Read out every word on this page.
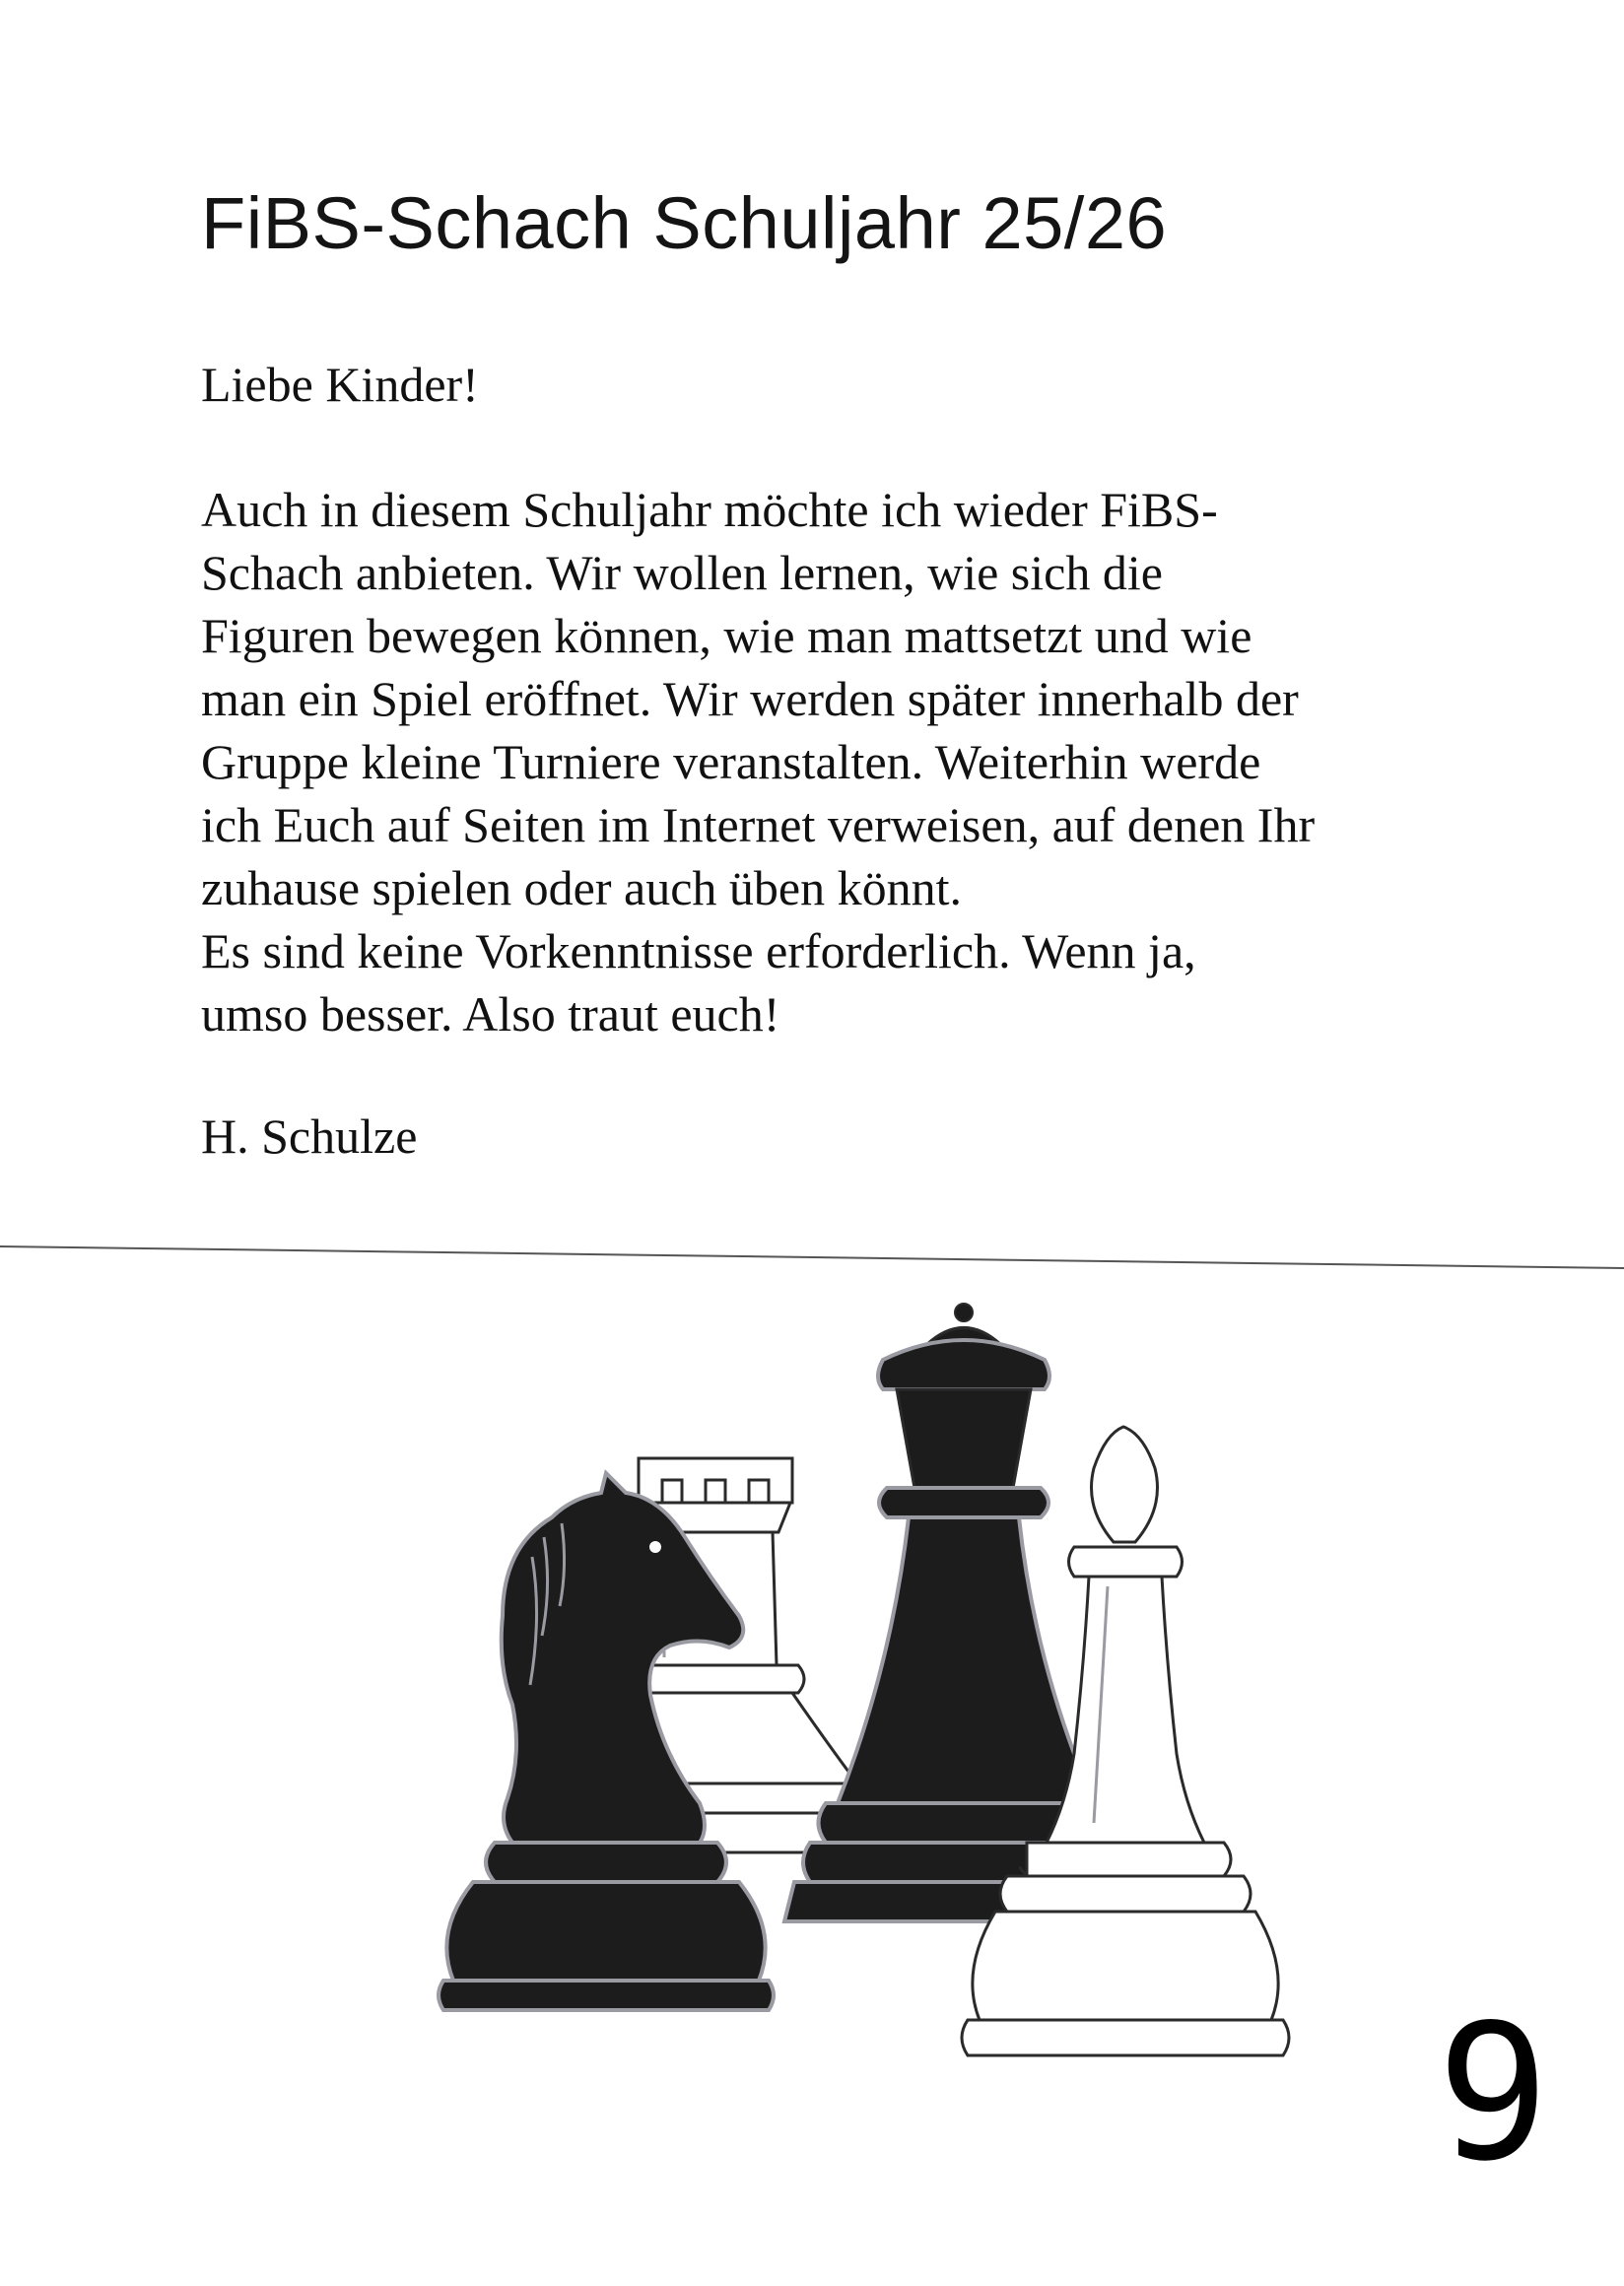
FiBS-Schach Schuljahr 25/26
Liebe Kinder!
Auch in diesem Schuljahr möchte ich wieder FiBS-
Schach anbieten. Wir wollen lernen, wie sich die
Figuren bewegen können, wie man mattsetzt und wie
man ein Spiel eröffnet. Wir werden später innerhalb der
Gruppe kleine Turniere veranstalten. Weiterhin werde
ich Euch auf Seiten im Internet verweisen, auf denen Ihr
zuhause spielen oder auch üben könnt.
Es sind keine Vorkenntnisse erforderlich. Wenn ja,
umso besser. Also traut euch!
H. Schulze
9
